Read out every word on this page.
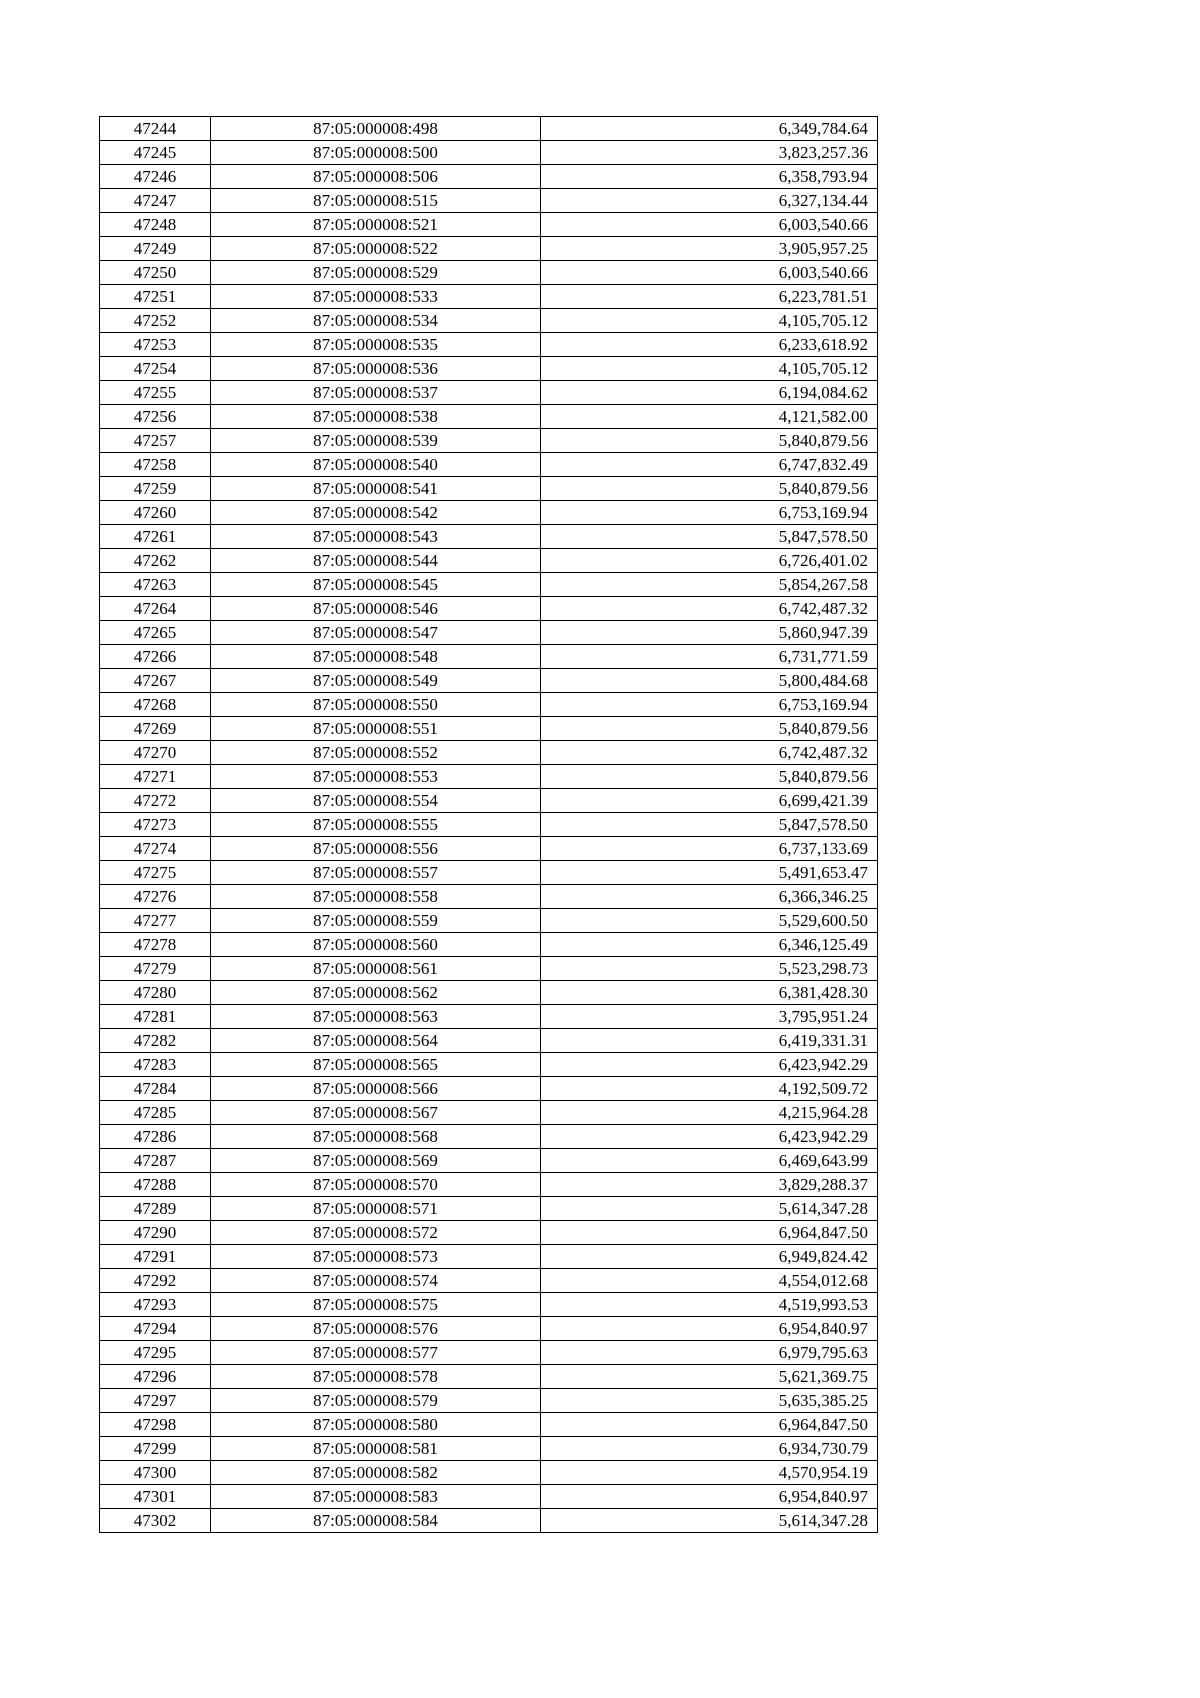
47244	87:05:000008:498	6,349,784.64
47245	87:05:000008:500	3,823,257.36
47246	87:05:000008:506	6,358,793.94
47247	87:05:000008:515	6,327,134.44
47248	87:05:000008:521	6,003,540.66
47249	87:05:000008:522	3,905,957.25
47250	87:05:000008:529	6,003,540.66
47251	87:05:000008:533	6,223,781.51
47252	87:05:000008:534	4,105,705.12
47253	87:05:000008:535	6,233,618.92
47254	87:05:000008:536	4,105,705.12
47255	87:05:000008:537	6,194,084.62
47256	87:05:000008:538	4,121,582.00
47257	87:05:000008:539	5,840,879.56
47258	87:05:000008:540	6,747,832.49
47259	87:05:000008:541	5,840,879.56
47260	87:05:000008:542	6,753,169.94
47261	87:05:000008:543	5,847,578.50
47262	87:05:000008:544	6,726,401.02
47263	87:05:000008:545	5,854,267.58
47264	87:05:000008:546	6,742,487.32
47265	87:05:000008:547	5,860,947.39
47266	87:05:000008:548	6,731,771.59
47267	87:05:000008:549	5,800,484.68
47268	87:05:000008:550	6,753,169.94
47269	87:05:000008:551	5,840,879.56
47270	87:05:000008:552	6,742,487.32
47271	87:05:000008:553	5,840,879.56
47272	87:05:000008:554	6,699,421.39
47273	87:05:000008:555	5,847,578.50
47274	87:05:000008:556	6,737,133.69
47275	87:05:000008:557	5,491,653.47
47276	87:05:000008:558	6,366,346.25
47277	87:05:000008:559	5,529,600.50
47278	87:05:000008:560	6,346,125.49
47279	87:05:000008:561	5,523,298.73
47280	87:05:000008:562	6,381,428.30
47281	87:05:000008:563	3,795,951.24
47282	87:05:000008:564	6,419,331.31
47283	87:05:000008:565	6,423,942.29
47284	87:05:000008:566	4,192,509.72
47285	87:05:000008:567	4,215,964.28
47286	87:05:000008:568	6,423,942.29
47287	87:05:000008:569	6,469,643.99
47288	87:05:000008:570	3,829,288.37
47289	87:05:000008:571	5,614,347.28
47290	87:05:000008:572	6,964,847.50
47291	87:05:000008:573	6,949,824.42
47292	87:05:000008:574	4,554,012.68
47293	87:05:000008:575	4,519,993.53
47294	87:05:000008:576	6,954,840.97
47295	87:05:000008:577	6,979,795.63
47296	87:05:000008:578	5,621,369.75
47297	87:05:000008:579	5,635,385.25
47298	87:05:000008:580	6,964,847.50
47299	87:05:000008:581	6,934,730.79
47300	87:05:000008:582	4,570,954.19
47301	87:05:000008:583	6,954,840.97
47302	87:05:000008:584	5,614,347.28
